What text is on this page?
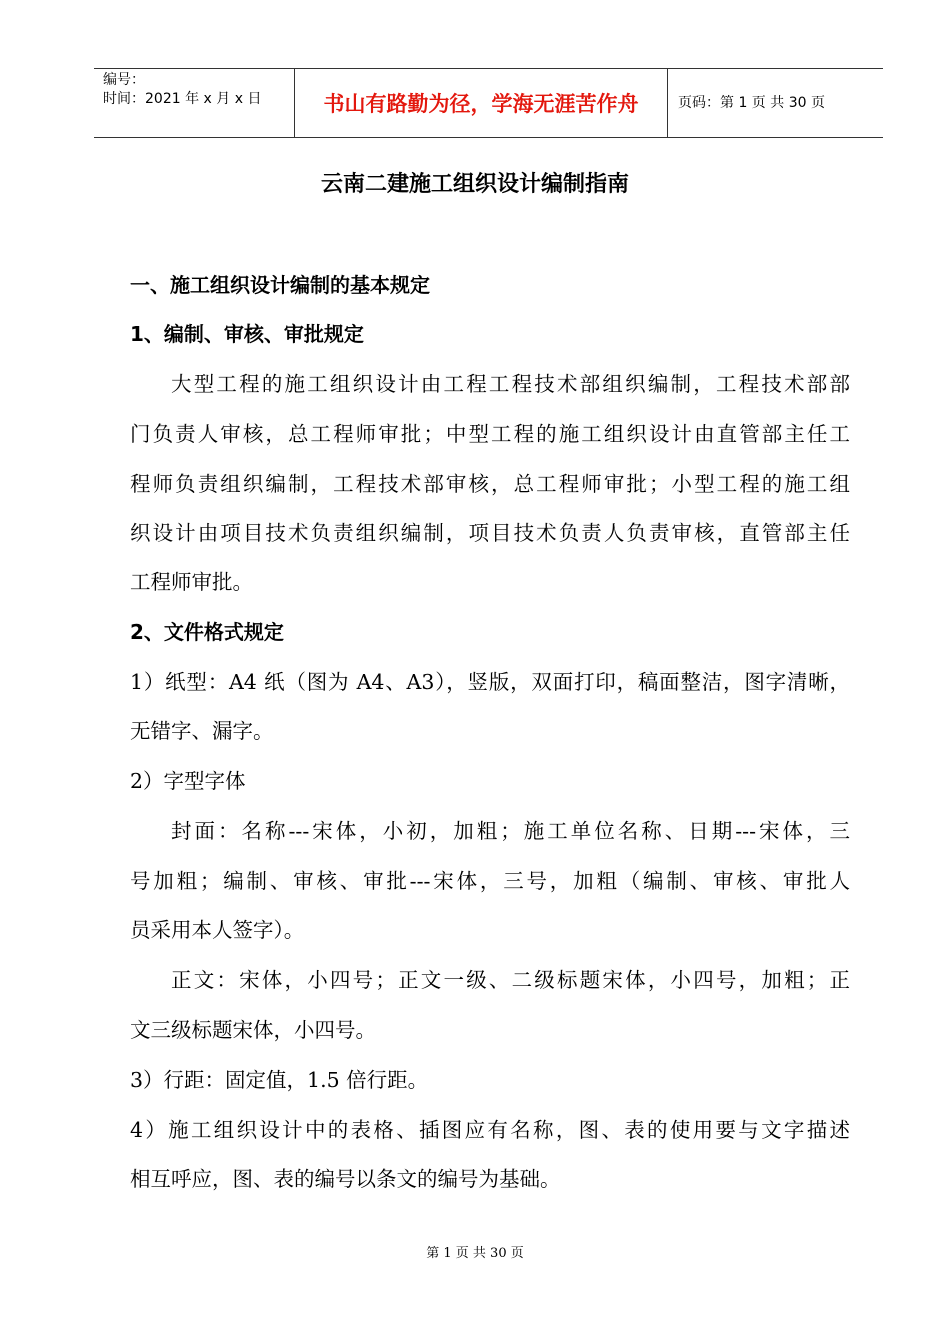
编号：
时间：2021 年 x 月 x 日	书山有路勤为径，学海无涯苦作舟	页码：第 1 页 共 30 页
云南二建施工组织设计编制指南
一、施工组织设计编制的基本规定
1、编制、审核、审批规定
大型工程的施工组织设计由工程工程技术部组织编制，工程技术部部
门负责人审核，总工程师审批；中型工程的施工组织设计由直管部主任工
程师负责组织编制，工程技术部审核，总工程师审批；小型工程的施工组
织设计由项目技术负责组织编制，项目技术负责人负责审核，直管部主任
工程师审批。
2、文件格式规定
1）纸型：A4 纸（图为 A4、A3），竖版，双面打印，稿面整洁，图字清晰，
无错字、漏字。
2）字型字体
封面：名称---宋体，小初，加粗；施工单位名称、日期---宋体，三
号加粗；编制、审核、审批---宋体，三号，加粗（编制、审核、审批人
员采用本人签字）。
正文：宋体，小四号；正文一级、二级标题宋体，小四号，加粗；正
文三级标题宋体，小四号。
3）行距：固定值，1.5 倍行距。
4）施工组织设计中的表格、插图应有名称，图、表的使用要与文字描述
相互呼应，图、表的编号以条文的编号为基础。
第 1 页 共 30 页
